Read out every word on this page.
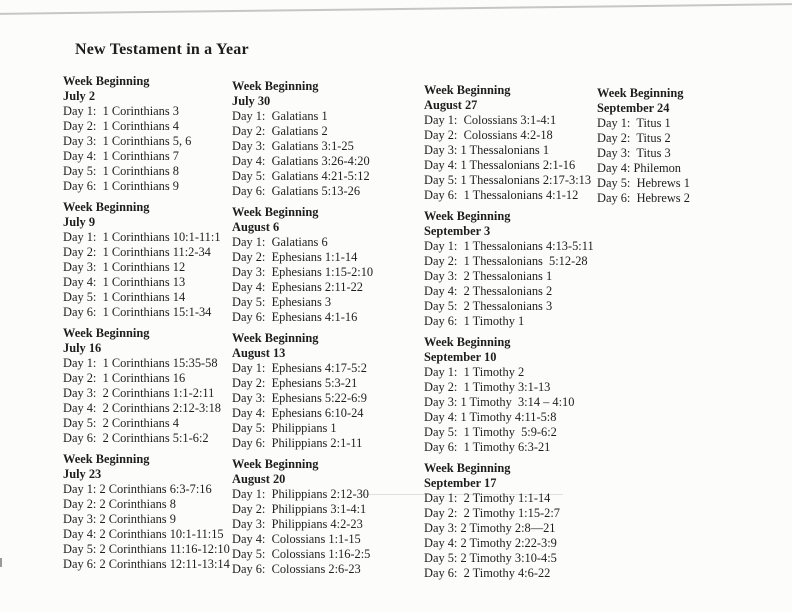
New Testament in a Year
Week Beginning
July 2
Day 1:  1 Corinthians 3
Day 2:  1 Corinthians 4
Day 3:  1 Corinthians 5, 6
Day 4:  1 Corinthians 7
Day 5:  1 Corinthians 8
Day 6:  1 Corinthians 9
Week Beginning
July 9
Day 1:  1 Corinthians 10:1-11:1
Day 2:  1 Corinthians 11:2-34
Day 3:  1 Corinthians 12
Day 4:  1 Corinthians 13
Day 5:  1 Corinthians 14
Day 6:  1 Corinthians 15:1-34
Week Beginning
July 16
Day 1:  1 Corinthians 15:35-58
Day 2:  1 Corinthians 16
Day 3:  2 Corinthians 1:1-2:11
Day 4:  2 Corinthians 2:12-3:18
Day 5:  2 Corinthians 4
Day 6:  2 Corinthians 5:1-6:2
Week Beginning
July 23
Day 1: 2 Corinthians 6:3-7:16
Day 2: 2 Corinthians 8
Day 3: 2 Corinthians 9
Day 4: 2 Corinthians 10:1-11:15
Day 5: 2 Corinthians 11:16-12:10
Day 6: 2 Corinthians 12:11-13:14
Week Beginning
July 30
Day 1:  Galatians 1
Day 2:  Galatians 2
Day 3:  Galatians 3:1-25
Day 4:  Galatians 3:26-4:20
Day 5:  Galatians 4:21-5:12
Day 6:  Galatians 5:13-26
Week Beginning
August 6
Day 1:  Galatians 6
Day 2:  Ephesians 1:1-14
Day 3:  Ephesians 1:15-2:10
Day 4:  Ephesians 2:11-22
Day 5:  Ephesians 3
Day 6:  Ephesians 4:1-16
Week Beginning
August 13
Day 1:  Ephesians 4:17-5:2
Day 2:  Ephesians 5:3-21
Day 3:  Ephesians 5:22-6:9
Day 4:  Ephesians 6:10-24
Day 5:  Philippians 1
Day 6:  Philippians 2:1-11
Week Beginning
August 20
Day 1:  Philippians 2:12-30
Day 2:  Philippians 3:1-4:1
Day 3:  Philippians 4:2-23
Day 4:  Colossians 1:1-15
Day 5:  Colossians 1:16-2:5
Day 6:  Colossians 2:6-23
Week Beginning
August 27
Day 1:  Colossians 3:1-4:1
Day 2:  Colossians 4:2-18
Day 3: 1 Thessalonians 1
Day 4: 1 Thessalonians 2:1-16
Day 5: 1 Thessalonians 2:17-3:13
Day 6:  1 Thessalonians 4:1-12
Week Beginning
September 3
Day 1:  1 Thessalonians 4:13-5:11
Day 2:  1 Thessalonians  5:12-28
Day 3:  2 Thessalonians 1
Day 4:  2 Thessalonians 2
Day 5:  2 Thessalonians 3
Day 6:  1 Timothy 1
Week Beginning
September 10
Day 1:  1 Timothy 2
Day 2:  1 Timothy 3:1-13
Day 3: 1 Timothy  3:14 – 4:10
Day 4: 1 Timothy 4:11-5:8
Day 5:  1 Timothy  5:9-6:2
Day 6:  1 Timothy 6:3-21
Week Beginning
September 17
Day 1:  2 Timothy 1:1-14
Day 2:  2 Timothy 1:15-2:7
Day 3: 2 Timothy 2:8—21
Day 4: 2 Timothy 2:22-3:9
Day 5: 2 Timothy 3:10-4:5
Day 6:  2 Timothy 4:6-22
Week Beginning
September 24
Day 1:  Titus 1
Day 2:  Titus 2
Day 3:  Titus 3
Day 4: Philemon
Day 5:  Hebrews 1
Day 6:  Hebrews 2
